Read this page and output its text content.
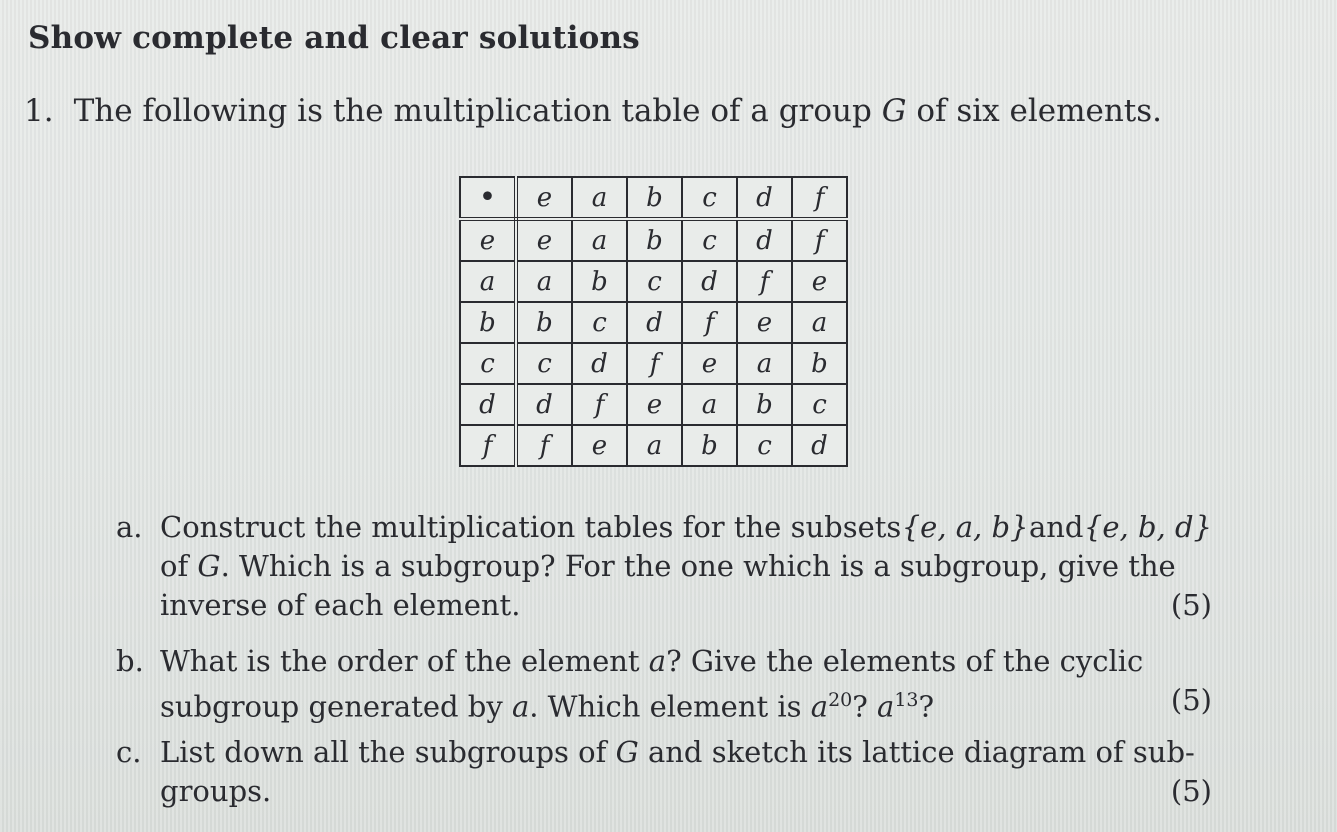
Show complete and clear solutions
1. The following is the multiplication table of a group G of six elements.
•	e	a	b	c	d	f
e	e	a	b	c	d	f
a	a	b	c	d	f	e
b	b	c	d	f	e	a
c	c	d	f	e	a	b
d	d	f	e	a	b	c
f	f	e	a	b	c	d
a. Construct the multiplication tables for the subsets {e, a, b} and {e, b, d}
of G. Which is a subgroup? For the one which is a subgroup, give the
inverse of each element.	(5)
b. What is the order of the element a? Give the elements of the cyclic
subgroup generated by a. Which element is $a^{20}$? $a^{13}$?	(5)
c. List down all the subgroups of G and sketch its lattice diagram of sub-
groups.	(5)
